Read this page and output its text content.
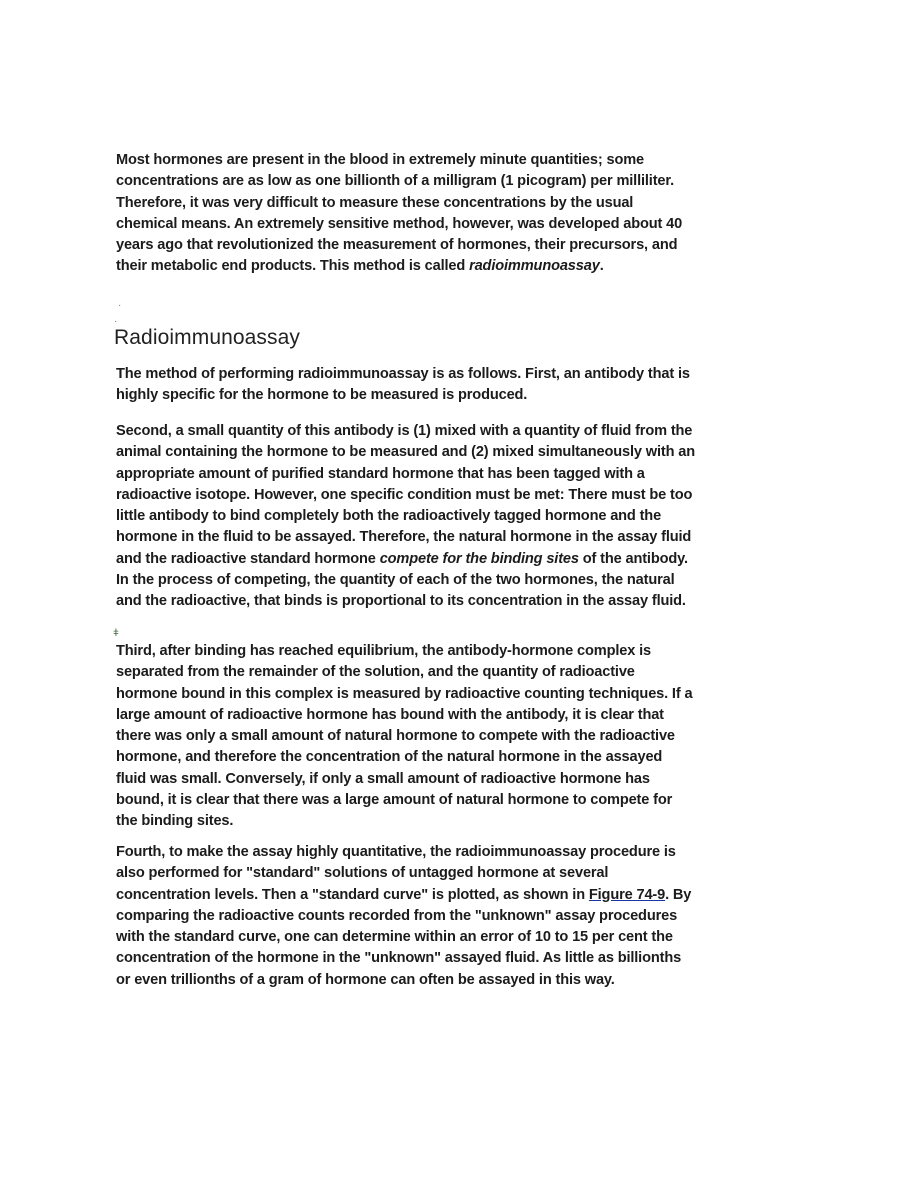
Most hormones are present in the blood in extremely minute quantities; some concentrations are as low as one billionth of a milligram (1 picogram) per milliliter. Therefore, it was very difficult to measure these concentrations by the usual chemical means. An extremely sensitive method, however, was developed about 40 years ago that revolutionized the measurement of hormones, their precursors, and their metabolic end products. This method is called radioimmunoassay.

·
·
Radioimmunoassay

The method of performing radioimmunoassay is as follows. First, an antibody that is highly specific for the hormone to be measured is produced.

Second, a small quantity of this antibody is (1) mixed with a quantity of fluid from the animal containing the hormone to be measured and (2) mixed simultaneously with an appropriate amount of purified standard hormone that has been tagged with a radioactive isotope. However, one specific condition must be met: There must be too little antibody to bind completely both the radioactively tagged hormone and the hormone in the fluid to be assayed. Therefore, the natural hormone in the assay fluid and the radioactive standard hormone compete for the binding sites of the antibody. In the process of competing, the quantity of each of the two hormones, the natural and the radioactive, that binds is proportional to its concentration in the assay fluid.

ǂ

Third, after binding has reached equilibrium, the antibody-hormone complex is separated from the remainder of the solution, and the quantity of radioactive hormone bound in this complex is measured by radioactive counting techniques. If a large amount of radioactive hormone has bound with the antibody, it is clear that there was only a small amount of natural hormone to compete with the radioactive hormone, and therefore the concentration of the natural hormone in the assayed fluid was small. Conversely, if only a small amount of radioactive hormone has bound, it is clear that there was a large amount of natural hormone to compete for the binding sites.

Fourth, to make the assay highly quantitative, the radioimmunoassay procedure is also performed for "standard" solutions of untagged hormone at several concentration levels. Then a "standard curve" is plotted, as shown in Figure 74-9. By comparing the radioactive counts recorded from the "unknown" assay procedures with the standard curve, one can determine within an error of 10 to 15 per cent the concentration of the hormone in the "unknown" assayed fluid. As little as billionths or even trillionths of a gram of hormone can often be assayed in this way.
